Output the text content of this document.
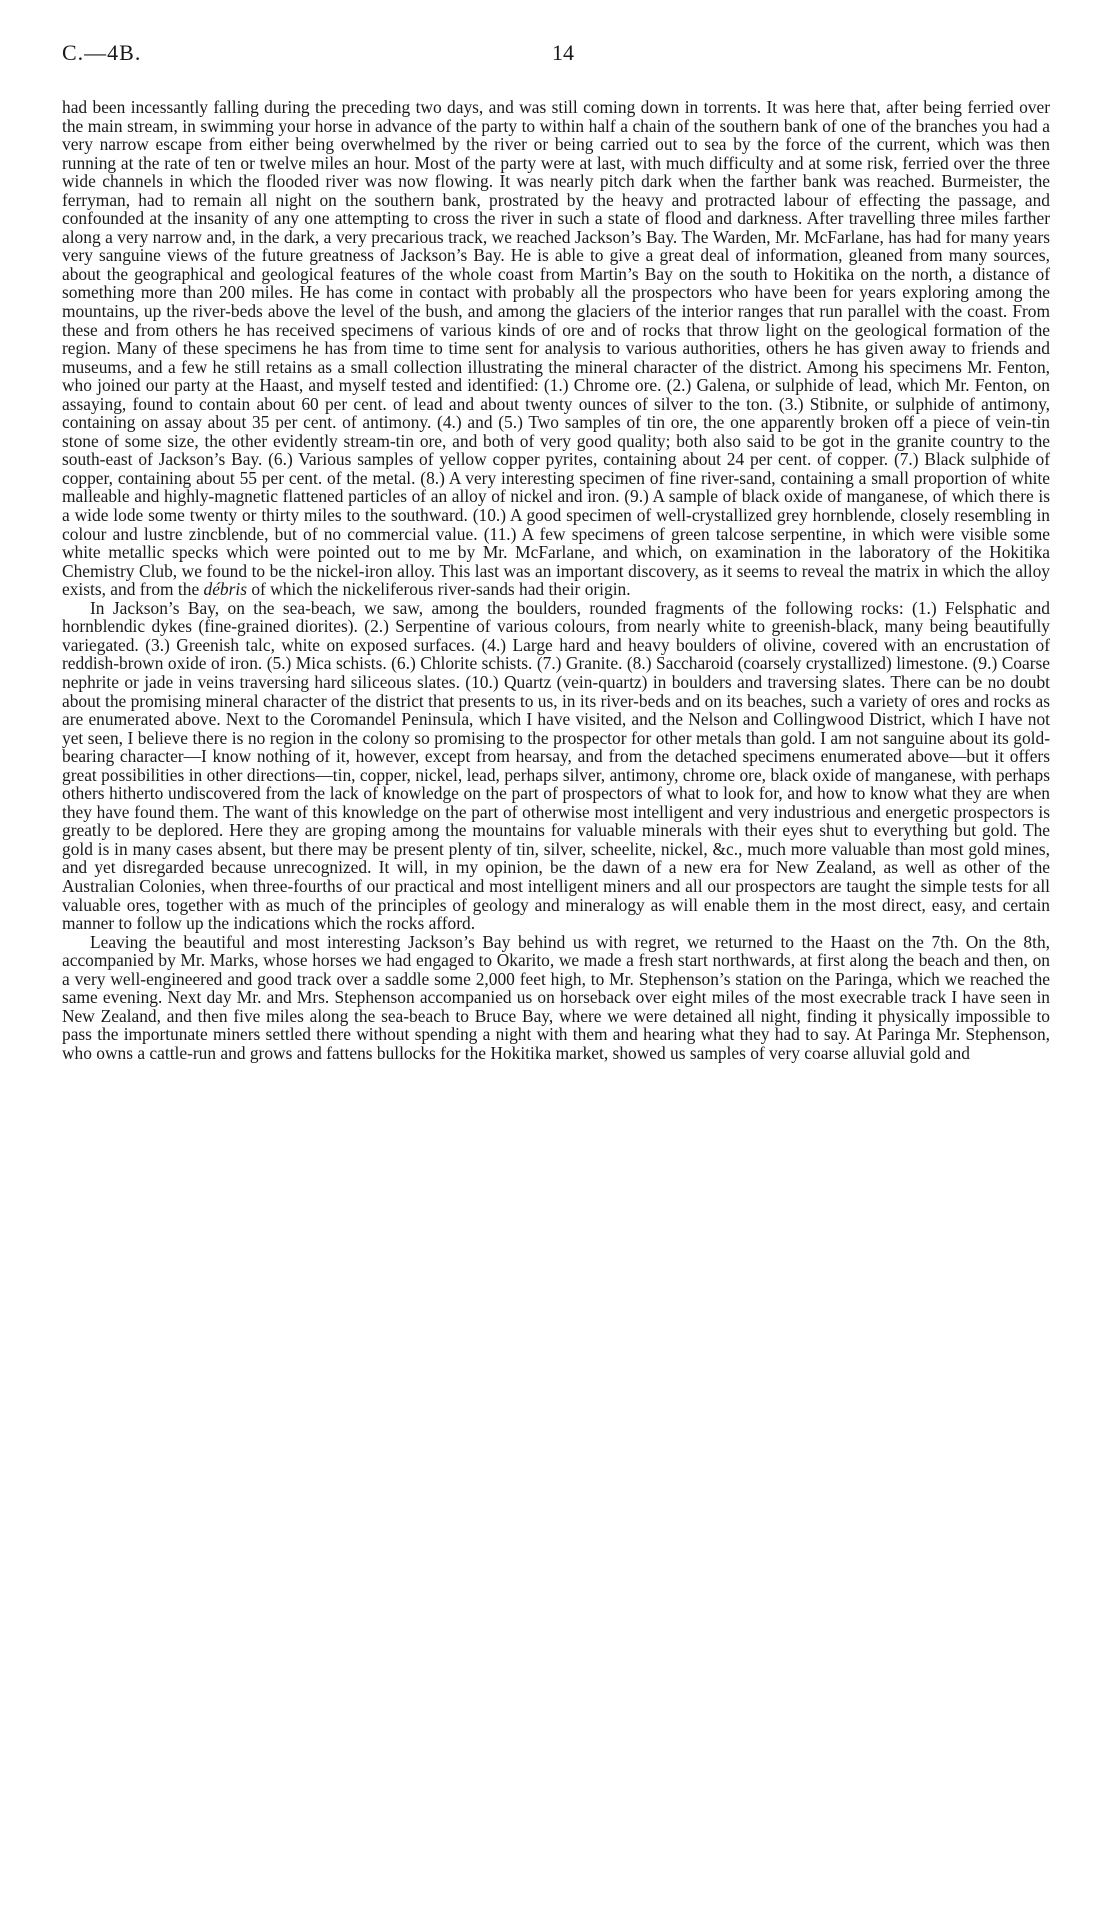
C.—4B.	14

had been incessantly falling during the preceding two days, and was still coming down in torrents. It was here that, after being ferried over the main stream, in swimming your horse in advance of the party to within half a chain of the southern bank of one of the branches you had a very narrow escape from either being overwhelmed by the river or being carried out to sea by the force of the current, which was then running at the rate of ten or twelve miles an hour. Most of the party were at last, with much difficulty and at some risk, ferried over the three wide channels in which the flooded river was now flowing. It was nearly pitch dark when the farther bank was reached. Burmeister, the ferryman, had to remain all night on the southern bank, prostrated by the heavy and protracted labour of effecting the passage, and confounded at the insanity of any one attempting to cross the river in such a state of flood and darkness. After travelling three miles farther along a very narrow and, in the dark, a very precarious track, we reached Jackson’s Bay. The Warden, Mr. McFarlane, has had for many years very sanguine views of the future greatness of Jackson’s Bay. He is able to give a great deal of information, gleaned from many sources, about the geographical and geological features of the whole coast from Martin’s Bay on the south to Hokitika on the north, a distance of something more than 200 miles. He has come in contact with probably all the prospectors who have been for years exploring among the mountains, up the river-beds above the level of the bush, and among the glaciers of the interior ranges that run parallel with the coast. From these and from others he has received specimens of various kinds of ore and of rocks that throw light on the geological formation of the region. Many of these specimens he has from time to time sent for analysis to various authorities, others he has given away to friends and museums, and a few he still retains as a small collection illustrating the mineral character of the district. Among his specimens Mr. Fenton, who joined our party at the Haast, and myself tested and identified: (1.) Chrome ore. (2.) Galena, or sulphide of lead, which Mr. Fenton, on assaying, found to contain about 60 per cent. of lead and about twenty ounces of silver to the ton. (3.) Stibnite, or sulphide of antimony, containing on assay about 35 per cent. of antimony. (4.) and (5.) Two samples of tin ore, the one apparently broken off a piece of vein-tin stone of some size, the other evidently stream-tin ore, and both of very good quality; both also said to be got in the granite country to the south-east of Jackson’s Bay. (6.) Various samples of yellow copper pyrites, containing about 24 per cent. of copper. (7.) Black sulphide of copper, containing about 55 per cent. of the metal. (8.) A very interesting specimen of fine river-sand, containing a small proportion of white malleable and highly-magnetic flattened particles of an alloy of nickel and iron. (9.) A sample of black oxide of manganese, of which there is a wide lode some twenty or thirty miles to the southward. (10.) A good specimen of well-crystallized grey hornblende, closely resembling in colour and lustre zincblende, but of no commercial value. (11.) A few specimens of green talcose serpentine, in which were visible some white metallic specks which were pointed out to me by Mr. McFarlane, and which, on examination in the laboratory of the Hokitika Chemistry Club, we found to be the nickel-iron alloy. This last was an important discovery, as it seems to reveal the matrix in which the alloy exists, and from the débris of which the nickeliferous river-sands had their origin.

In Jackson’s Bay, on the sea-beach, we saw, among the boulders, rounded fragments of the following rocks: (1.) Felsphatic and hornblendic dykes (fine-grained diorites). (2.) Serpentine of various colours, from nearly white to greenish-black, many being beautifully variegated. (3.) Greenish talc, white on exposed surfaces. (4.) Large hard and heavy boulders of olivine, covered with an encrustation of reddish-brown oxide of iron. (5.) Mica schists. (6.) Chlorite schists. (7.) Granite. (8.) Saccharoid (coarsely crystallized) limestone. (9.) Coarse nephrite or jade in veins traversing hard siliceous slates. (10.) Quartz (vein-quartz) in boulders and traversing slates. There can be no doubt about the promising mineral character of the district that presents to us, in its river-beds and on its beaches, such a variety of ores and rocks as are enumerated above. Next to the Coromandel Peninsula, which I have visited, and the Nelson and Collingwood District, which I have not yet seen, I believe there is no region in the colony so promising to the prospector for other metals than gold. I am not sanguine about its gold-bearing character—I know nothing of it, however, except from hearsay, and from the detached specimens enumerated above—but it offers great possibilities in other directions—tin, copper, nickel, lead, perhaps silver, antimony, chrome ore, black oxide of manganese, with perhaps others hitherto undiscovered from the lack of knowledge on the part of prospectors of what to look for, and how to know what they are when they have found them. The want of this knowledge on the part of otherwise most intelligent and very industrious and energetic prospectors is greatly to be deplored. Here they are groping among the mountains for valuable minerals with their eyes shut to everything but gold. The gold is in many cases absent, but there may be present plenty of tin, silver, scheelite, nickel, &c., much more valuable than most gold mines, and yet disregarded because unrecognized. It will, in my opinion, be the dawn of a new era for New Zealand, as well as other of the Australian Colonies, when three-fourths of our practical and most intelligent miners and all our prospectors are taught the simple tests for all valuable ores, together with as much of the principles of geology and mineralogy as will enable them in the most direct, easy, and certain manner to follow up the indications which the rocks afford.

Leaving the beautiful and most interesting Jackson’s Bay behind us with regret, we returned to the Haast on the 7th. On the 8th, accompanied by Mr. Marks, whose horses we had engaged to Okarito, we made a fresh start northwards, at first along the beach and then, on a very well-engineered and good track over a saddle some 2,000 feet high, to Mr. Stephenson’s station on the Paringa, which we reached the same evening. Next day Mr. and Mrs. Stephenson accompanied us on horseback over eight miles of the most execrable track I have seen in New Zealand, and then five miles along the sea-beach to Bruce Bay, where we were detained all night, finding it physically impossible to pass the importunate miners settled there without spending a night with them and hearing what they had to say. At Paringa Mr. Stephenson, who owns a cattle-run and grows and fattens bullocks for the Hokitika market, showed us samples of very coarse alluvial gold and
